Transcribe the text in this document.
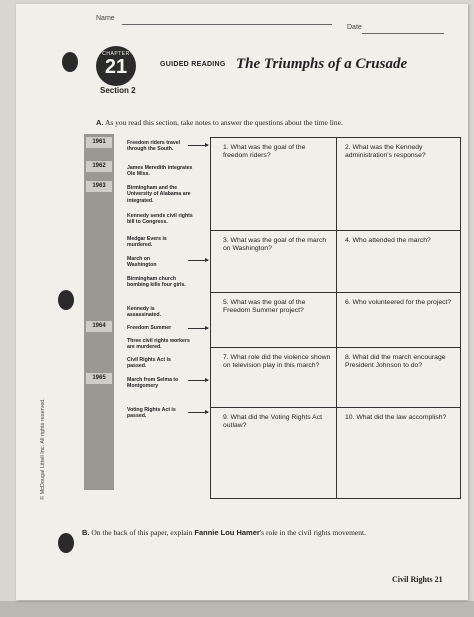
Name
Date
CHAPTER
21
Section 2
GUIDED READING The Triumphs of a Crusade
A. As you read this section, take notes to answer the questions about the time line.
1961
1962
1963
1964
1965
Freedom riders travel through the South.
James Meredith integrates Ole Miss.
Birmingham and the University of Alabama are integrated.
Kennedy sends civil rights bill to Congress.
Medgar Evers is murdered.
March on Washington
Birmingham church bombing kills four girls.
Kennedy is assassinated.
Freedom Summer
Three civil rights workers are murdered.
Civil Rights Act is passed.
March from Selma to Montgomery
Voting Rights Act is passed.
1. What was the goal of the freedom riders?
2. What was the Kennedy administration's response?
3. What was the goal of the march on Washington?
4. Who attended the march?
5. What was the goal of the Freedom Summer project?
6. Who volunteered for the project?
7. What role did the violence shown on television play in this march?
8. What did the march encourage President Johnson to do?
9. What did the Voting Rights Act outlaw?
10. What did the law accomplish?
B. On the back of this paper, explain Fannie Lou Hamer's role in the civil rights movement.
Civil Rights 21
© McDougal Littell Inc. All rights reserved.
